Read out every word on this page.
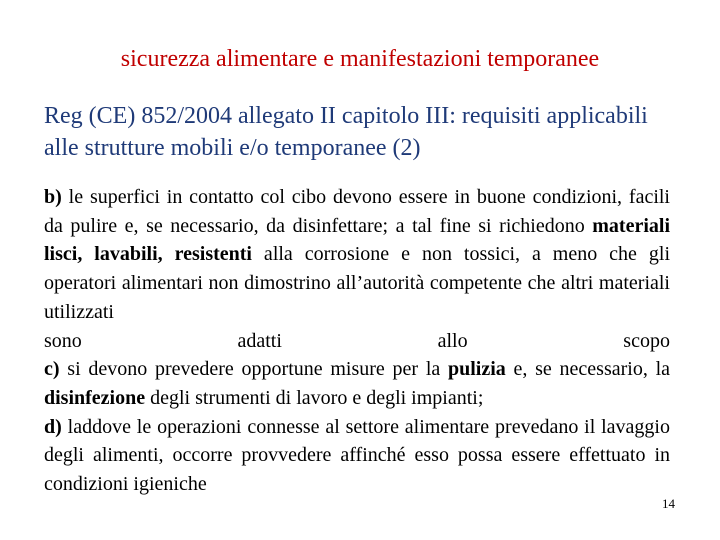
sicurezza alimentare e manifestazioni temporanee
Reg (CE) 852/2004 allegato II capitolo III: requisiti applicabili alle strutture mobili e/o temporanee (2)

b) le superfici in contatto col cibo devono essere in buone condizioni, facili da pulire e, se necessario, da disinfettare; a tal fine si richiedono materiali lisci, lavabili, resistenti alla corrosione e non tossici, a meno che gli operatori alimentari non dimostrino all’autorità competente che altri materiali utilizzati

sono	adatti	allo	scopo

c) si devono prevedere opportune misure per la pulizia e, se necessario, la disinfezione degli strumenti di lavoro e degli impianti;

d) laddove le operazioni connesse al settore alimentare prevedano il lavaggio degli alimenti, occorre provvedere affinché esso possa essere effettuato in condizioni igieniche

14
